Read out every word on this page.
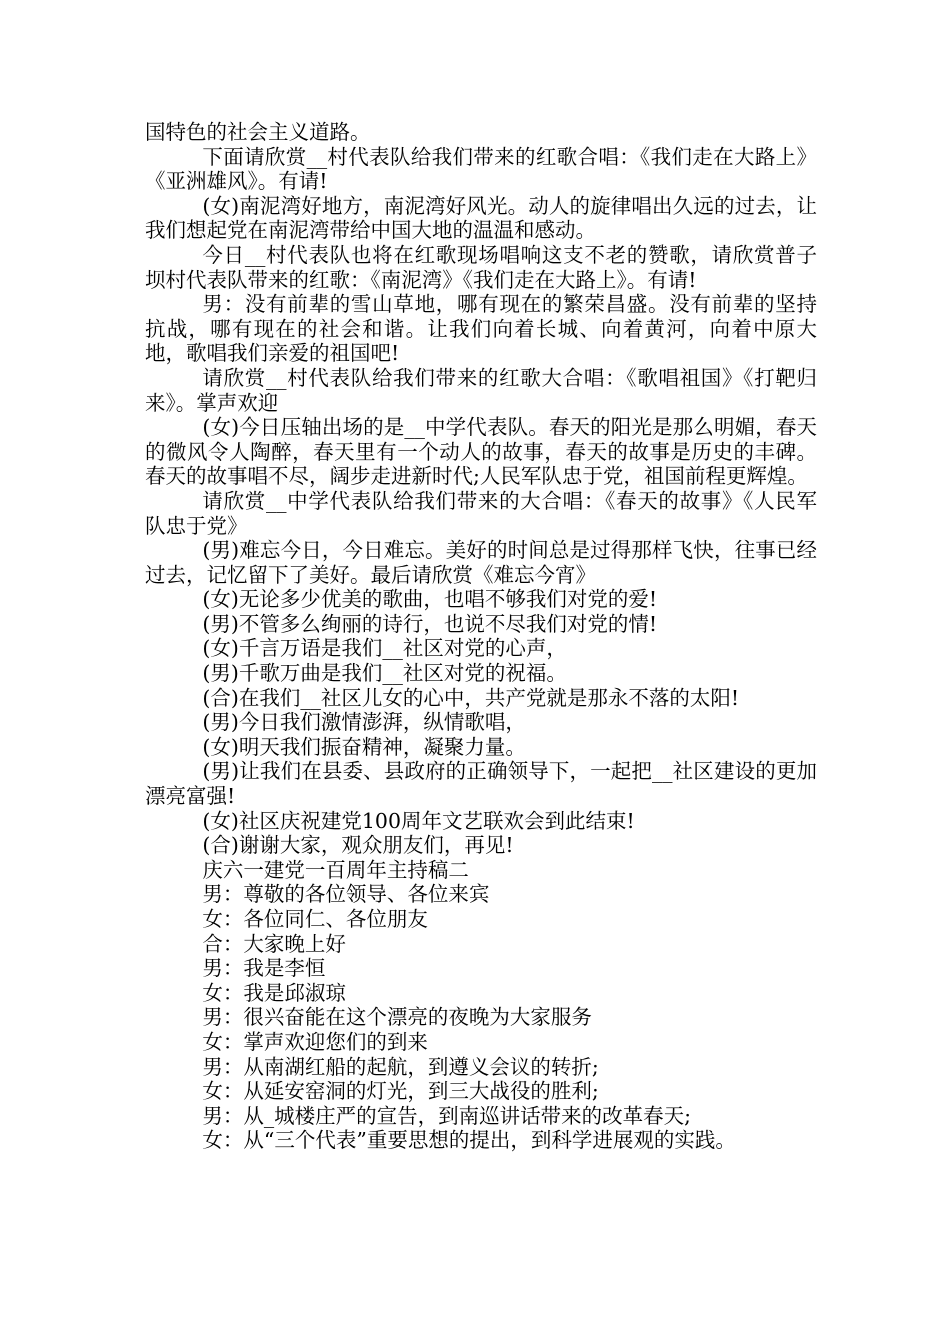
国特色的社会主义道路。

下面请欣赏__村代表队给我们带来的红歌合唱：《我们走在大路上》《亚洲雄风》。有请!

(女)南泥湾好地方，南泥湾好风光。动人的旋律唱出久远的过去，让我们想起党在南泥湾带给中国大地的温温和感动。

今日__村代表队也将在红歌现场唱响这支不老的赞歌，请欣赏普子坝村代表队带来的红歌：《南泥湾》《我们走在大路上》。有请!

男：没有前辈的雪山草地，哪有现在的繁荣昌盛。没有前辈的坚持抗战，哪有现在的社会和谐。让我们向着长城、向着黄河，向着中原大地，歌唱我们亲爱的祖国吧!

请欣赏__村代表队给我们带来的红歌大合唱：《歌唱祖国》《打靶归来》。掌声欢迎

(女)今日压轴出场的是__中学代表队。春天的阳光是那么明媚，春天的微风令人陶醉，春天里有一个动人的故事，春天的故事是历史的丰碑。春天的故事唱不尽，阔步走进新时代;人民军队忠于党，祖国前程更辉煌。

请欣赏__中学代表队给我们带来的大合唱：《春天的故事》《人民军队忠于党》

(男)难忘今日，今日难忘。美好的时间总是过得那样飞快，往事已经过去，记忆留下了美好。最后请欣赏《难忘今宵》

(女)无论多少优美的歌曲，也唱不够我们对党的爱!

(男)不管多么绚丽的诗行，也说不尽我们对党的情!

(女)千言万语是我们__社区对党的心声，

(男)千歌万曲是我们__社区对党的祝福。

(合)在我们__社区儿女的心中，共产党就是那永不落的太阳!

(男)今日我们激情澎湃，纵情歌唱，

(女)明天我们振奋精神，凝聚力量。

(男)让我们在县委、县政府的正确领导下，一起把__社区建设的更加漂亮富强!

(女)社区庆祝建党100周年文艺联欢会到此结束!

(合)谢谢大家，观众朋友们，再见!

庆六一建党一百周年主持稿二

男：尊敬的各位领导、各位来宾

女：各位同仁、各位朋友

合：大家晚上好

男：我是李恒

女：我是邱淑琼

男：很兴奋能在这个漂亮的夜晚为大家服务

女：掌声欢迎您们的到来

男：从南湖红船的起航，到遵义会议的转折;

女：从延安窑洞的灯光，到三大战役的胜利;

男：从_城楼庄严的宣告，到南巡讲话带来的改革春天;

女：从“三个代表”重要思想的提出，到科学进展观的实践。
